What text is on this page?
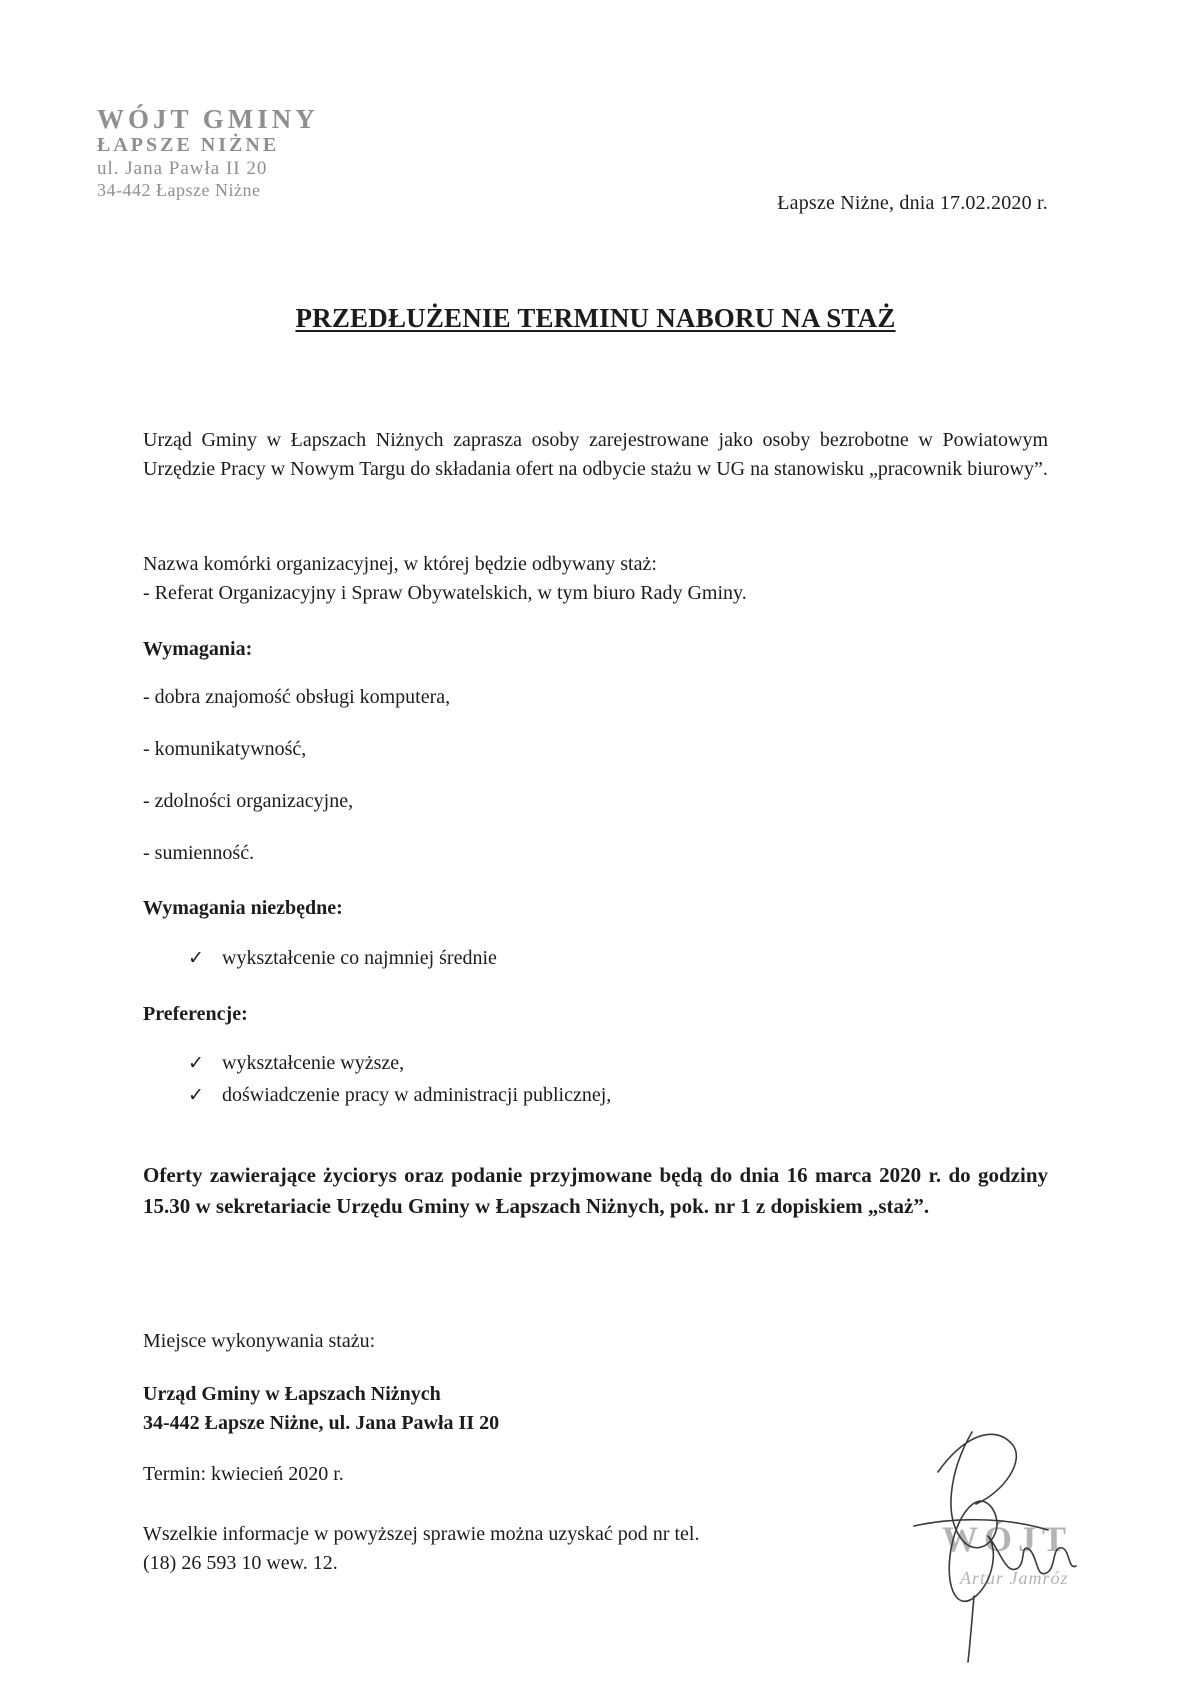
WÓJT GMINY
ŁAPSZE NIŻNE
ul. Jana Pawła II 20
34-442 Łapsze Niżne
Łapsze Niżne, dnia 17.02.2020 r.
PRZEDŁUŻENIE TERMINU NABORU NA STAŻ
Urząd Gminy w Łapszach Niżnych zaprasza osoby zarejestrowane jako osoby bezrobotne w Powiatowym Urzędzie Pracy w Nowym Targu do składania ofert na odbycie stażu w UG na stanowisku „pracownik biurowy”.
Nazwa komórki organizacyjnej, w której będzie odbywany staż:
- Referat Organizacyjny i Spraw Obywatelskich, w tym biuro Rady Gminy.
Wymagania:
- dobra znajomość obsługi komputera,
- komunikatywność,
- zdolności organizacyjne,
- sumienność.
Wymagania niezbędne:
✓ wykształcenie co najmniej średnie
Preferencje:
✓ wykształcenie wyższe,
✓ doświadczenie pracy w administracji publicznej,
Oferty zawierające życiorys oraz podanie przyjmowane będą do dnia 16 marca 2020 r. do godziny 15.30 w sekretariacie Urzędu Gminy w Łapszach Niżnych, pok. nr 1 z dopiskiem „staż”.
Miejsce wykonywania stażu:
Urząd Gminy w Łapszach Niżnych
34-442 Łapsze Niżne, ul. Jana Pawła II 20
Termin: kwiecień 2020 r.
Wszelkie informacje w powyższej sprawie można uzyskać pod nr tel.
(18) 26 593 10 wew. 12.
WÓJT
Artur Jamróz
